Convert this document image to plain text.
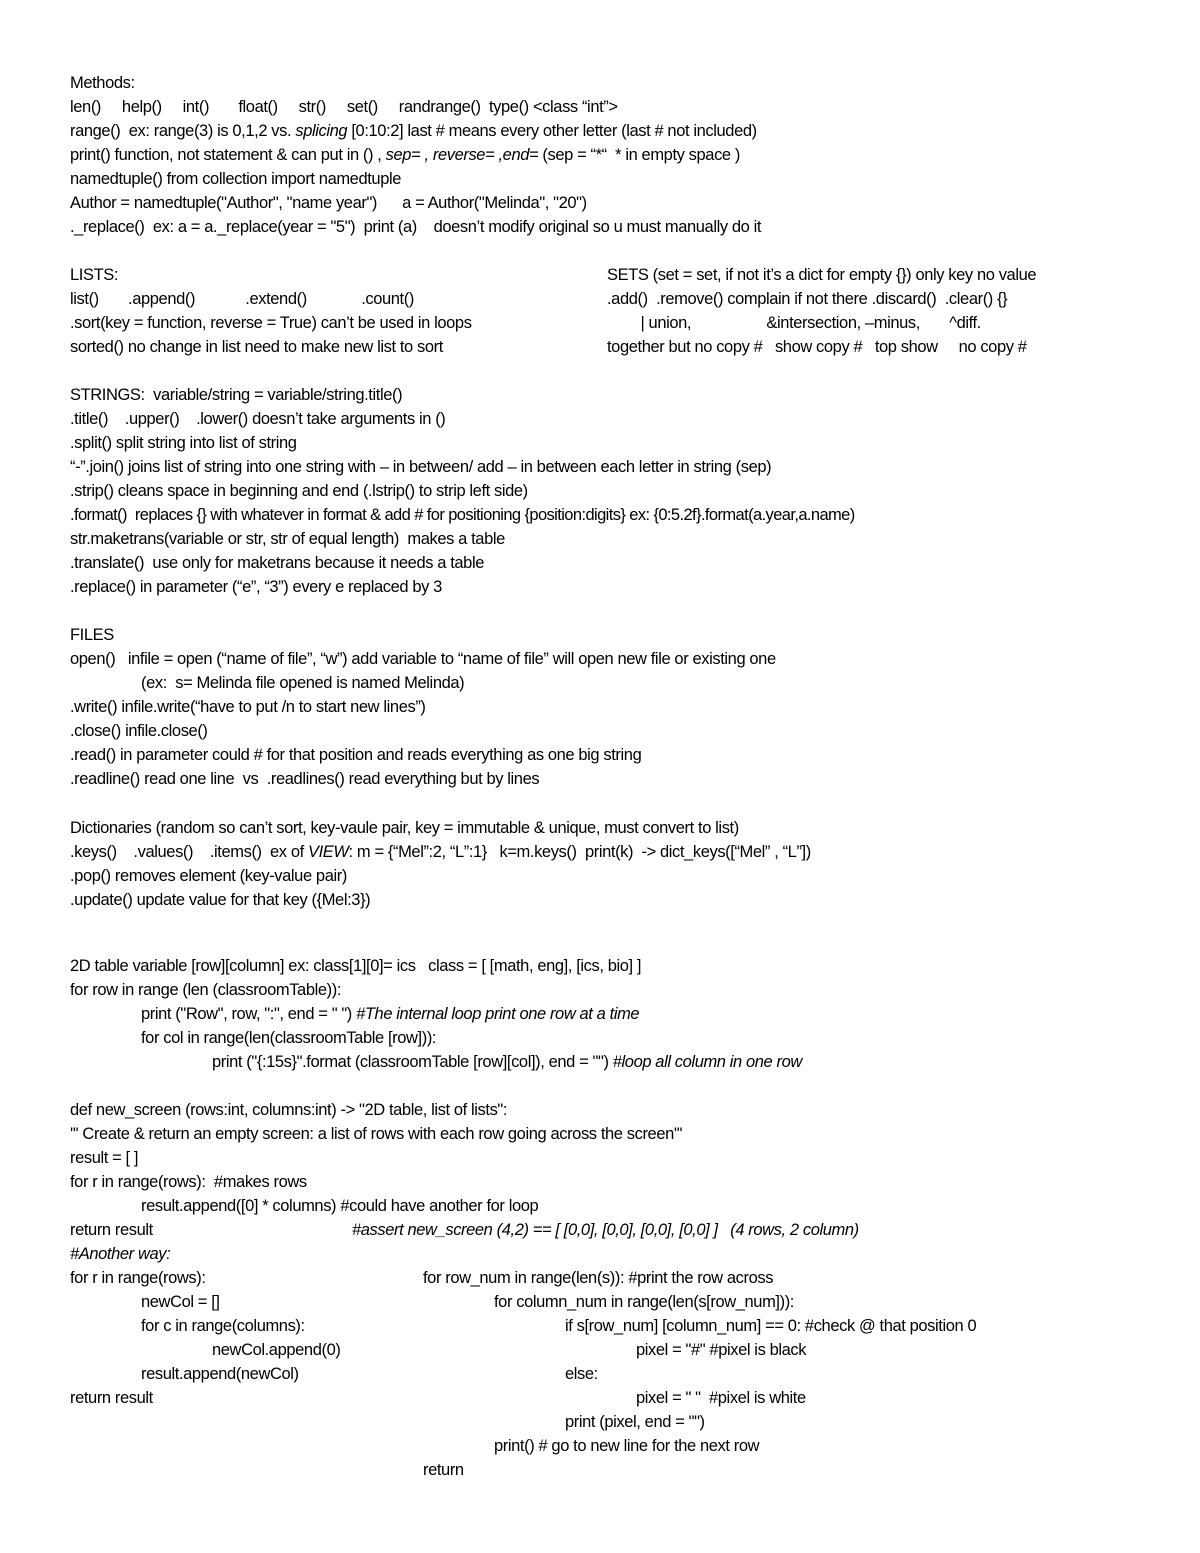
Methods:
len()     help()     int()       float()     str()     set()     randrange()  type() <class “int”>
range()  ex: range(3) is 0,1,2 vs. splicing [0:10:2] last # means every other letter (last # not included)
print() function, not statement & can put in () , sep= , reverse= ,end= (sep = “*“  * in empty space )
namedtuple() from collection import namedtuple
Author = namedtuple("Author", "name year")      a = Author("Melinda", "20")
._replace()  ex: a = a._replace(year = "5")  print (a)    doesn’t modify original so u must manually do it
LISTS:
list()       .append()            .extend()             .count()
.sort(key = function, reverse = True) can’t be used in loops
sorted() no change in list need to make new list to sort
SETS (set = set, if not it’s a dict for empty {}) only key no value
.add()  .remove() complain if not there .discard()  .clear() {}
| union,                  &intersection, –minus,       ^diff.
together but no copy #   show copy #   top show     no copy #
STRINGS:  variable/string = variable/string.title()
.title()    .upper()    .lower() doesn’t take arguments in ()
.split() split string into list of string
“-”.join() joins list of string into one string with – in between/ add – in between each letter in string (sep)
.strip() cleans space in beginning and end (.lstrip() to strip left side)
.format()  replaces {} with whatever in format & add # for positioning {position:digits} ex: {0:5.2f}.format(a.year,a.name)
str.maketrans(variable or str, str of equal length)  makes a table
.translate()  use only for maketrans because it needs a table
.replace() in parameter (“e”, “3”) every e replaced by 3
FILES
open()   infile = open (“name of file”, “w”) add variable to “name of file” will open new file or existing one
(ex:  s= Melinda file opened is named Melinda)
.write() infile.write(“have to put /n to start new lines”)
.close() infile.close()
.read() in parameter could # for that position and reads everything as one big string
.readline() read one line  vs  .readlines() read everything but by lines
Dictionaries (random so can’t sort, key-vaule pair, key = immutable & unique, must convert to list)
.keys()    .values()    .items()  ex of VIEW: m = {“Mel”:2, “L”:1}   k=m.keys()  print(k)  -> dict_keys([“Mel” , “L”])
.pop() removes element (key-value pair)
.update() update value for that key ({Mel:3})
2D table variable [row][column] ex: class[1][0]= ics   class = [ [math, eng], [ics, bio] ]
for row in range (len (classroomTable)):
print ("Row", row, ":", end = " ") #The internal loop print one row at a time
for col in range(len(classroomTable [row])):
print ("{:15s}".format (classroomTable [row][col]), end = "") #loop all column in one row
def new_screen (rows:int, columns:int) -> "2D table, list of lists":
''' Create & return an empty screen: a list of rows with each row going across the screen'''
result = [ ]
for r in range(rows):  #makes rows
result.append([0] * columns) #could have another for loop
return result	#assert new_screen (4,2) == [ [0,0], [0,0], [0,0], [0,0] ]   (4 rows, 2 column)
#Another way:
for r in range(rows):
newCol = []
for c in range(columns):
newCol.append(0)
result.append(newCol)
return result
for row_num in range(len(s)): #print the row across
for column_num in range(len(s[row_num])):
if s[row_num] [column_num] == 0: #check @ that position 0
pixel = "#" #pixel is black
else:
pixel = " "  #pixel is white
print (pixel, end = "")
print() # go to new line for the next row
return
